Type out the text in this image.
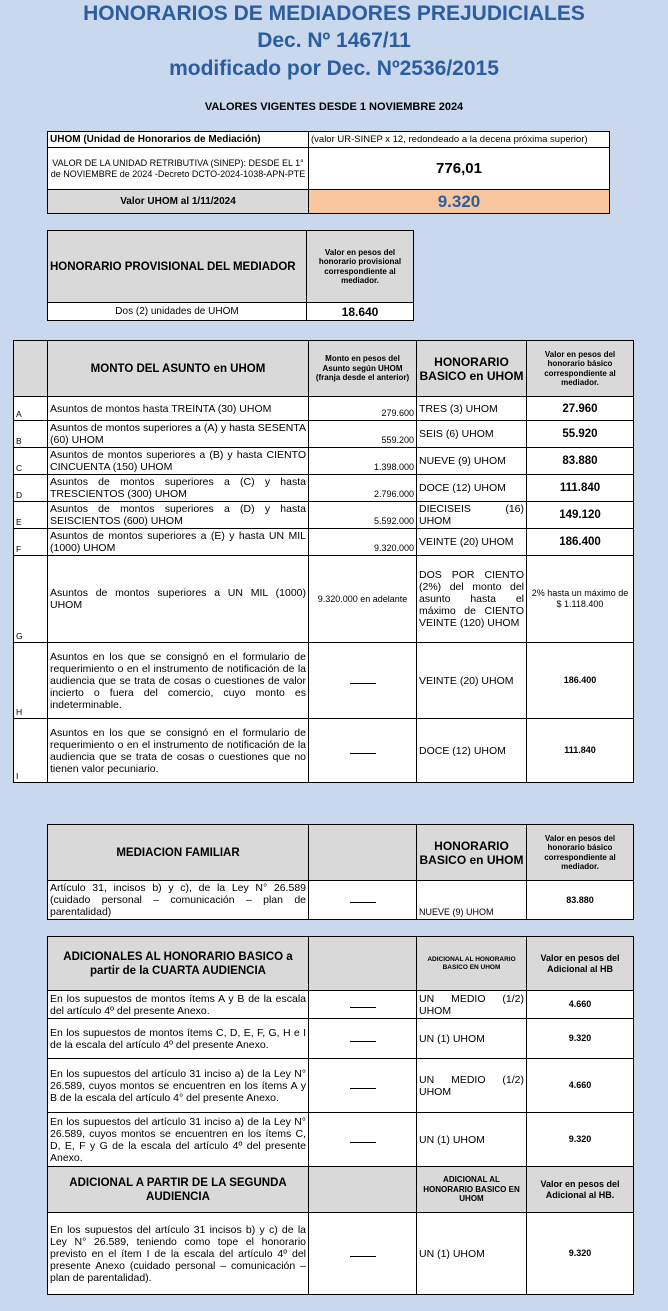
HONORARIOS DE MEDIADORES PREJUDICIALES
Dec. Nº 1467/11
modificado por Dec. Nº2536/2015
VALORES VIGENTES DESDE 1 NOVIEMBRE 2024
UHOM (Unidad de Honorarios de Mediación)	(valor UR-SINEP x 12, redondeado a la decena próxima superior)
VALOR DE LA UNIDAD RETRIBUTIVA (SINEP): DESDE EL 1° de NOVIEMBRE de 2024 -Decreto DCTO-2024-1038-APN-PTE	776,01
Valor UHOM al 1/11/2024	9.320
HONORARIO PROVISIONAL DEL MEDIADOR	Valor en pesos del honorario provisional correspondiente al mediador.
Dos (2) unidades de UHOM	18.640
	MONTO DEL ASUNTO en UHOM	Monto en pesos del Asunto según UHOM (franja desde el anterior)	HONORARIO BASICO en UHOM	Valor en pesos del honorario básico correspondiente al mediador.
A	Asuntos de montos hasta TREINTA (30) UHOM	279.600	TRES (3) UHOM	27.960
B	Asuntos de montos superiores a (A) y hasta SESENTA (60) UHOM	559.200	SEIS (6) UHOM	55.920
C	Asuntos de montos superiores a (B) y hasta CIENTO CINCUENTA (150) UHOM	1.398.000	NUEVE (9) UHOM	83.880
D	Asuntos de montos superiores a (C) y hasta TRESCIENTOS (300) UHOM	2.796.000	DOCE (12) UHOM	111.840
E	Asuntos de montos superiores a (D) y hasta SEISCIENTOS (600) UHOM	5.592.000	DIECISEIS (16) UHOM	149.120
F	Asuntos de montos superiores a (E) y hasta UN MIL (1000) UHOM	9.320.000	VEINTE (20) UHOM	186.400
G	Asuntos de montos superiores a UN MIL (1000) UHOM	9.320.000 en adelante	DOS POR CIENTO (2%) del monto del asunto hasta el máximo de CIENTO VEINTE (120) UHOM	2% hasta un máximo de $ 1.118.400
H	Asuntos en los que se consignó en el formulario de requerimiento o en el instrumento de notificación de la audiencia que se trata de cosas o cuestiones de valor incierto o fuera del comercio, cuyo monto es indeterminable.		VEINTE (20) UHOM	186.400
I	Asuntos en los que se consignó en el formulario de requerimiento o en el instrumento de notificación de la audiencia que se trata de cosas o cuestiones que no tienen valor pecuniario.		DOCE (12) UHOM	111.840
MEDIACION FAMILIAR		HONORARIO BASICO en UHOM	Valor en pesos del honorario básico correspondiente al mediador.
Artículo 31, incisos b) y c), de la Ley N° 26.589 (cuidado personal – comunicación – plan de parentalidad)		NUEVE (9) UHOM	83.880
ADICIONALES AL HONORARIO BASICO a partir de la CUARTA AUDIENCIA		ADICIONAL AL HONORARIO BASICO EN UHOM	Valor en pesos del Adicional al HB
En los supuestos de montos ítems A y B de la escala del artículo 4º del presente Anexo.		UN MEDIO (1/2) UHOM	4.660
En los supuestos de montos ítems C, D, E, F, G, H e I de la escala del artículo 4º del presente Anexo.		UN (1) UHOM	9.320
En los supuestos del artículo 31 inciso a) de la Ley N° 26.589, cuyos montos se encuentren en los ítems A y B de la escala del artículo 4° del presente Anexo.		UN MEDIO (1/2) UHOM	4.660
En los supuestos del artículo 31 inciso a) de la Ley N° 26.589, cuyos montos se encuentren en los ítems C, D, E, F y G de la escala del artículo 4º del presente Anexo.		UN (1) UHOM	9.320
ADICIONAL A PARTIR DE LA SEGUNDA AUDIENCIA		ADICIONAL AL HONORARIO BASICO EN UHOM	Valor en pesos del Adicional al HB.
En los supuestos del artículo 31 incisos b) y c) de la Ley N° 26.589, teniendo como tope el honorario previsto en el ítem I de la escala del artículo 4º del presente Anexo (cuidado personal – comunicación – plan de parentalidad).		UN (1) UHOM	9.320
